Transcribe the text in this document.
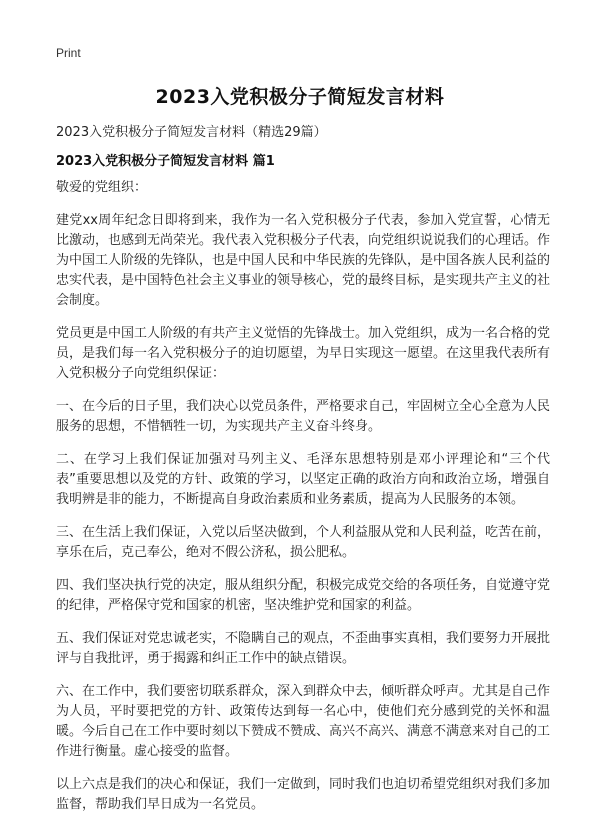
Print
2023入党积极分子简短发言材料
2023入党积极分子简短发言材料（精选29篇）
2023入党积极分子简短发言材料 篇1

敬爱的党组织：

建党xx周年纪念日即将到来，我作为一名入党积极分子代表，参加入党宣誓，心情无比激动，也感到无尚荣光。我代表入党积极分子代表，向党组织说说我们的心理话。作为中国工人阶级的先锋队，也是中国人民和中华民族的先锋队，是中国各族人民利益的忠实代表，是中国特色社会主义事业的领导核心，党的最终目标，是实现共产主义的社会制度。

党员更是中国工人阶级的有共产主义觉悟的先锋战士。加入党组织，成为一名合格的党员，是我们每一名入党积极分子的迫切愿望，为早日实现这一愿望。在这里我代表所有入党积极分子向党组织保证：

一、在今后的日子里，我们决心以党员条件，严格要求自己，牢固树立全心全意为人民服务的思想，不惜牺牲一切，为实现共产主义奋斗终身。

二、在学习上我们保证加强对马列主义、毛泽东思想特别是邓小评理论和“三个代表”重要思想以及党的方针、政策的学习，以坚定正确的政治方向和政治立场，增强自我明辨是非的能力，不断提高自身政治素质和业务素质，提高为人民服务的本领。

三、在生活上我们保证，入党以后坚决做到，个人利益服从党和人民利益，吃苦在前，享乐在后，克己奉公，绝对不假公济私，损公肥私。

四、我们坚决执行党的决定，服从组织分配，积极完成党交给的各项任务，自觉遵守党的纪律，严格保守党和国家的机密，坚决维护党和国家的利益。

五、我们保证对党忠诚老实，不隐瞒自己的观点，不歪曲事实真相，我们要努力开展批评与自我批评，勇于揭露和纠正工作中的缺点错误。

六、在工作中，我们要密切联系群众，深入到群众中去，倾听群众呼声。尤其是自己作为人员，平时要把党的方针、政策传达到每一名心中，使他们充分感到党的关怀和温暖。今后自己在工作中要时刻以下赞成不赞成、高兴不高兴、满意不满意来对自己的工作进行衡量。虚心接受的监督。

以上六点是我们的决心和保证，我们一定做到，同时我们也迫切希望党组织对我们多加监督，帮助我们早日成为一名党员。
